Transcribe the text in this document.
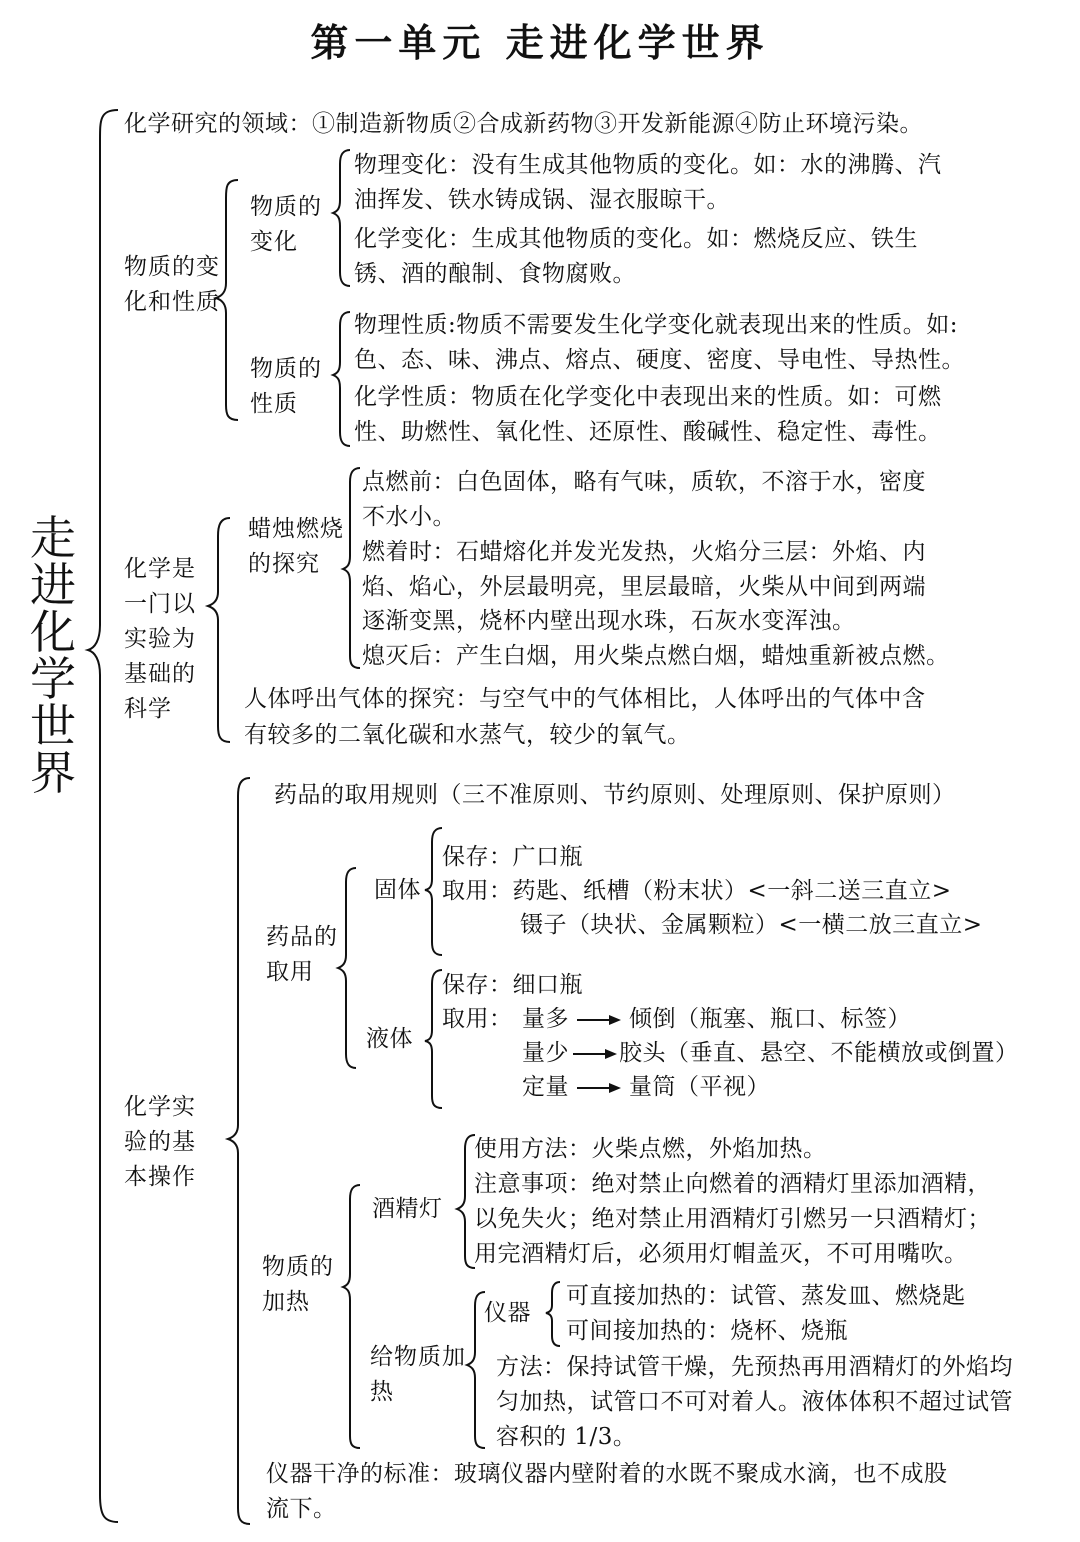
第一单元 走进化学世界
走进化学世界
化学研究的领域：①制造新物质②合成新药物③开发新能源④防止环境污染。
物质的变化和性质
物质的变化
物理变化：没有生成其他物质的变化。如：水的沸腾、汽
油挥发、铁水铸成锅、湿衣服晾干。
化学变化：生成其他物质的变化。如：燃烧反应、铁生
锈、酒的酿制、食物腐败。
物质的性质
物理性质:物质不需要发生化学变化就表现出来的性质。如:
色、态、味、沸点、熔点、硬度、密度、导电性、导热性。
化学性质：物质在化学变化中表现出来的性质。如：可燃
性、助燃性、氧化性、还原性、酸碱性、稳定性、毒性。
化学是一门以实验为基础的科学
蜡烛燃烧的探究
点燃前：白色固体，略有气味，质软，不溶于水，密度
不水小。
燃着时：石蜡熔化并发光发热，火焰分三层：外焰、内
焰、焰心，外层最明亮，里层最暗，火柴从中间到两端
逐渐变黑，烧杯内壁出现水珠，石灰水变浑浊。
熄灭后：产生白烟，用火柴点燃白烟，蜡烛重新被点燃。
人体呼出气体的探究：与空气中的气体相比，人体呼出的气体中含
有较多的二氧化碳和水蒸气，较少的氧气。
化学实验的基本操作
药品的取用规则（三不准原则、节约原则、处理原则、保护原则）
药品的取用
固体
保存：广口瓶
取用：药匙、纸槽（粉末状）<一斜二送三直立>
镊子（块状、金属颗粒）<一横二放三直立>
液体
保存：细口瓶
取用： 量多	倾倒（瓶塞、瓶口、标签）
量少 胶头（垂直、悬空、不能横放或倒置）
定量	量筒（平视）
物质的加热
酒精灯
使用方法：火柴点燃，外焰加热。
注意事项：绝对禁止向燃着的酒精灯里添加酒精，
以免失火；绝对禁止用酒精灯引燃另一只酒精灯；
用完酒精灯后，必须用灯帽盖灭，不可用嘴吹。
给物质加热
仪器
可直接加热的：试管、蒸发皿、燃烧匙
可间接加热的：烧杯、烧瓶
方法：保持试管干燥，先预热再用酒精灯的外焰均
匀加热，试管口不可对着人。液体体积不超过试管
容积的 1/3。
仪器干净的标准：玻璃仪器内壁附着的水既不聚成水滴，也不成股
流下。
